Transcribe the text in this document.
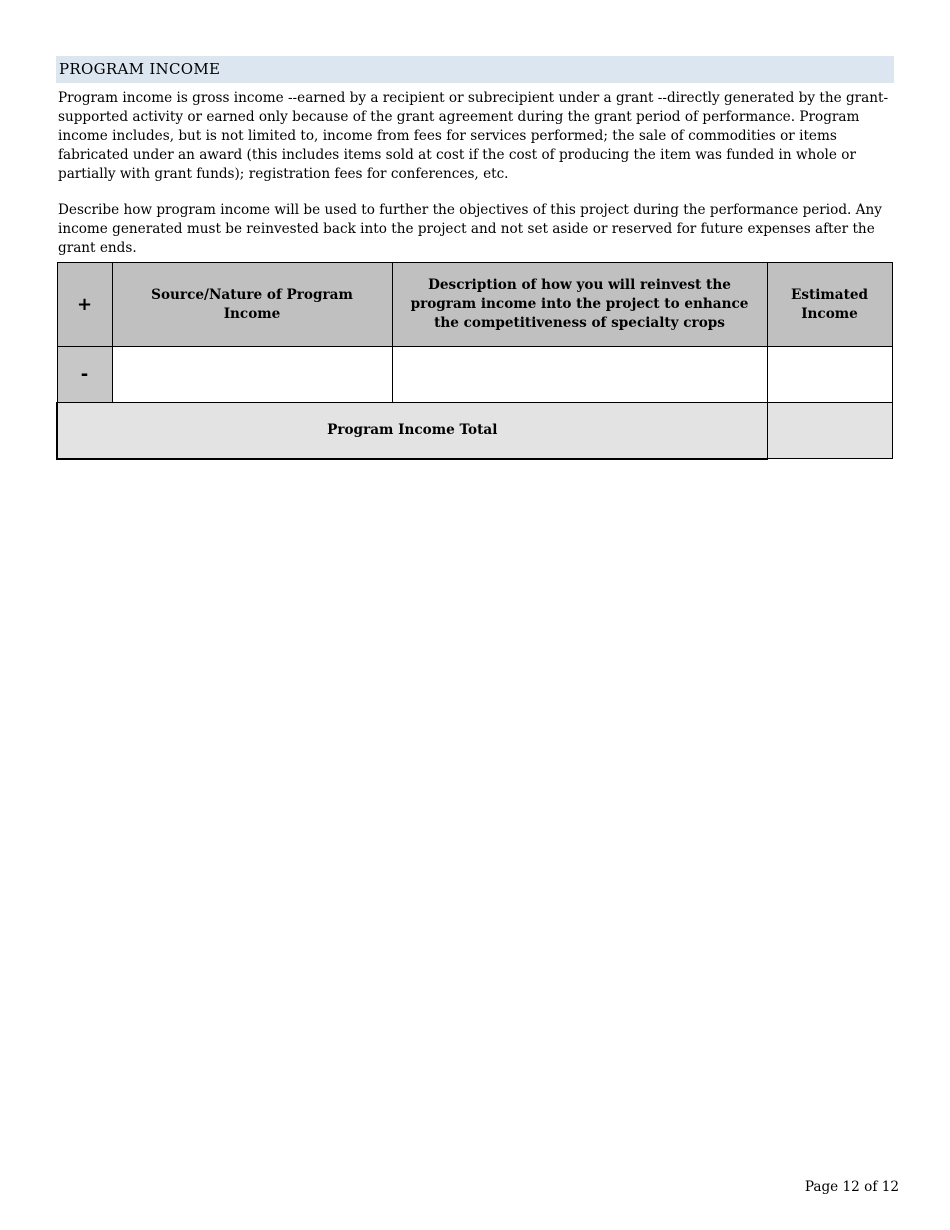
PROGRAM INCOME

Program income is gross income --earned by a recipient or subrecipient under a grant --directly generated by the grant-supported activity or earned only because of the grant agreement during the grant period of performance. Program income includes, but is not limited to, income from fees for services performed; the sale of commodities or items fabricated under an award (this includes items sold at cost if the cost of producing the item was funded in whole or partially with grant funds); registration fees for conferences, etc.

Describe how program income will be used to further the objectives of this project during the performance period. Any income generated must be reinvested back into the project and not set aside or reserved for future expenses after the grant ends.

+	Source/Nature of Program Income	Description of how you will reinvest the program income into the project to enhance the competitiveness of specialty crops	Estimated Income

-			

Program Income Total			
Page 12 of 12
